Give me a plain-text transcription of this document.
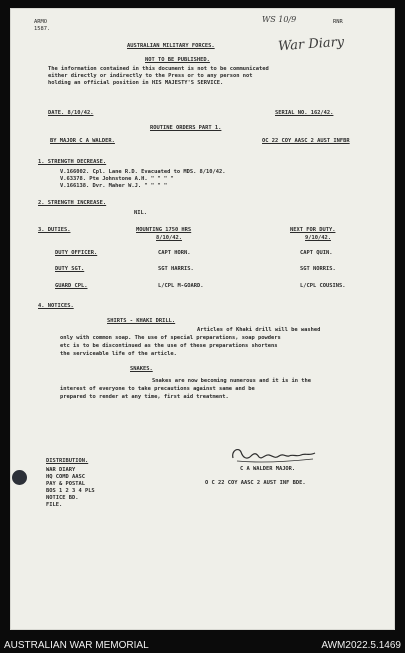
ARMO
1587.
RNR
WS 10/9
War Diary
AUSTRALIAN MILITARY FORCES.
NOT TO BE PUBLISHED.
The information contained in this document is not to be communicated
either directly or indirectly to the Press or to any person not
holding an official position in HIS MAJESTY'S SERVICE.
DATE. 8/10/42.	SERIAL NO. 162/42.
ROUTINE ORDERS PART 1.
BY MAJOR C A WALDER.	OC 22 COY AASC 2 AUST INFBR
1. STRENGTH DECREASE.
V.166002. Cpl. Lane R.D. Evacuated to MDS. 8/10/42.
V.63378. Pte Johnstone A.H. " " " "
V.166138. Dvr. Maher W.J. " " " "
2. STRENGTH INCREASE.
NIL.
3. DUTIES.	MOUNTING 1750 HRS
8/10/42.
NEXT FOR DUTY.
9/10/42.
DUTY OFFICER.	CAPT HORN.	CAPT QUIN.
DUTY SGT.	SGT HARRIS.	SGT NORRIS.
GUARD CPL.	L/CPL M-GOARD.	L/CPL COUSINS.
4. NOTICES.
SHIRTS - KHAKI DRILL.
Articles of Khaki drill will be washed
only with common soap. The use of special preparations, soap powders
etc is to be discontinued as the use of these preparations shortens
the serviceable life of the article.
SNAKES.
Snakes are now becoming numerous and it is in the
interest of everyone to take precautions against same and be
prepared to render at any time, first aid treatment.
DISTRIBUTION.
WAR DIARY
HQ COMD AASC
PAY & POSTAL
BOS 1 2 3 4 PLS
NOTICE BD.
FILE.
C A WALDER MAJOR.
O C 22 COY AASC 2 AUST INF BDE.
AUSTRALIAN WAR MEMORIAL	AWM2022.5.1469
